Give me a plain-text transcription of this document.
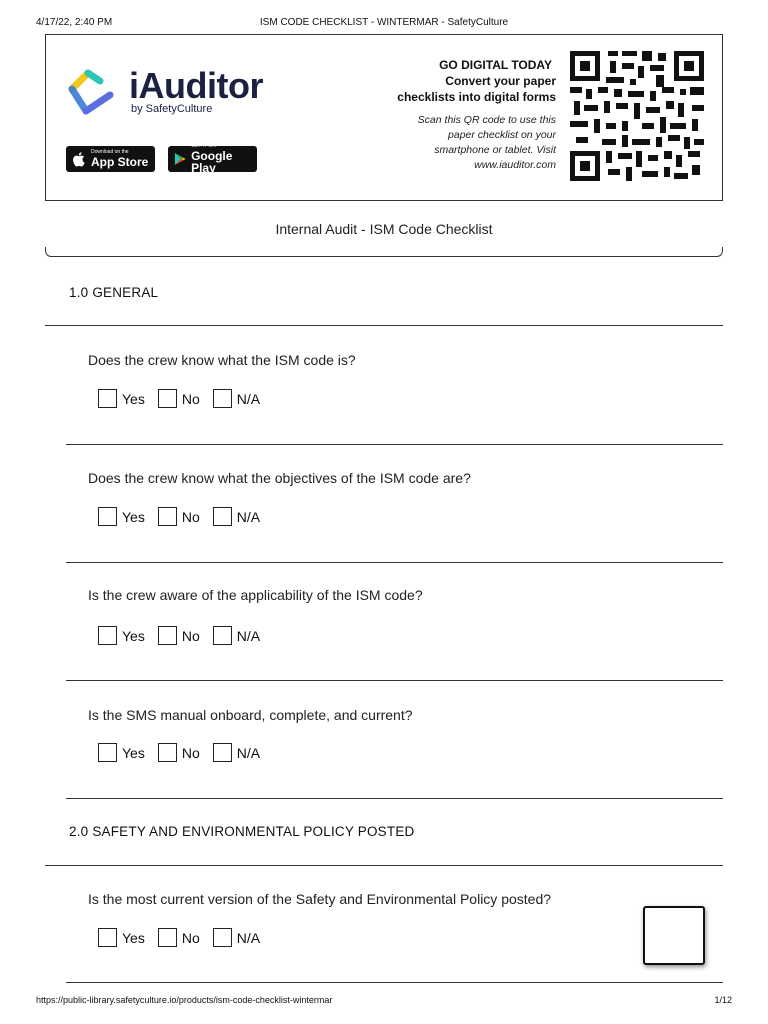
4/17/22, 2:40 PM	ISM CODE CHECKLIST - WINTERMAR - SafetyCulture
iAuditor
by SafetyCulture
Download on the
App Store
GET IT ON
Google Play
GO DIGITAL TODAY
Convert your paper
checklists into digital forms
Scan this QR code to use this
paper checklist on your
smartphone or tablet. Visit
www.iauditor.com
Internal Audit - ISM Code Checklist
1.0 GENERAL
Does the crew know what the ISM code is?
Yes	No	N/A
Does the crew know what the objectives of the ISM code are?
Yes	No	N/A
Is the crew aware of the applicability of the ISM code?
Yes	No	N/A
Is the SMS manual onboard, complete, and current?
Yes	No	N/A
2.0 SAFETY AND ENVIRONMENTAL POLICY POSTED
Is the most current version of the Safety and Environmental Policy posted?
Yes	No	N/A
https://public-library.safetyculture.io/products/ism-code-checklist-wintermar	1/12
